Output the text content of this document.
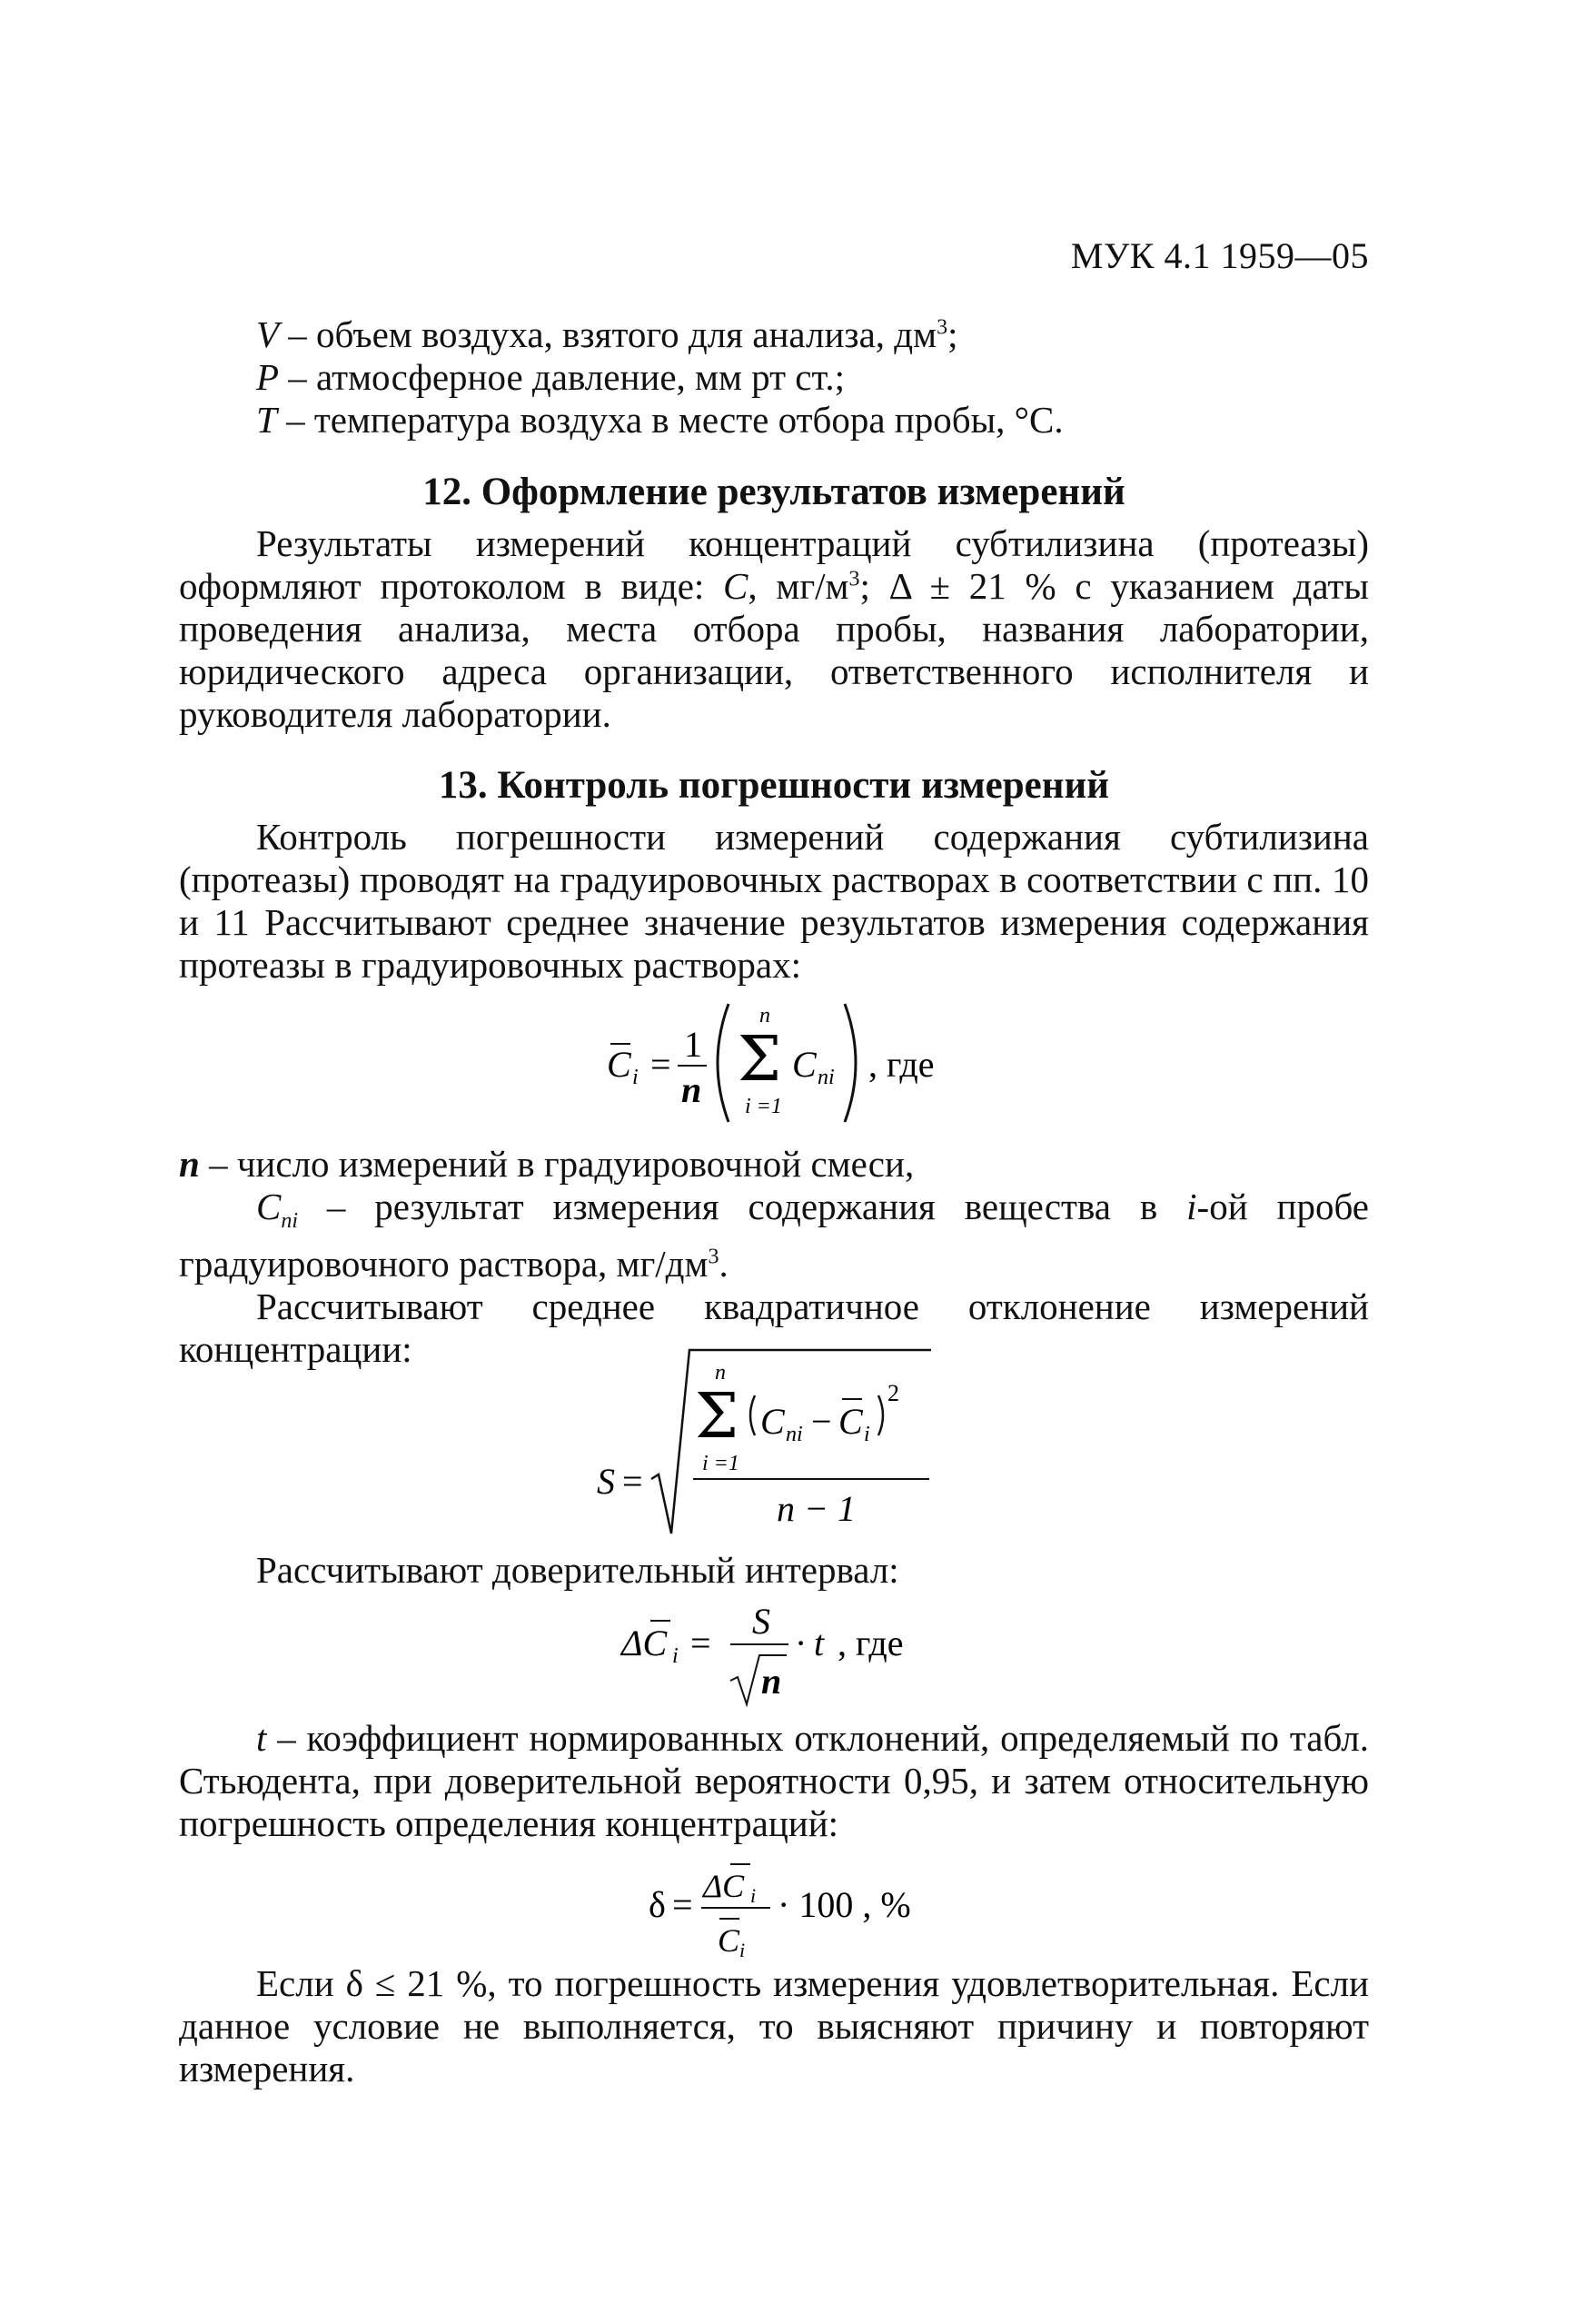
МУК 4.1 1959—05

V – объем воздуха, взятого для анализа, $дм^3$;

P – атмосферное давление, мм рт ст.;

T – температура воздуха в месте отбора пробы, °С.

12. Оформление результатов измерений

Результаты измерений концентраций субтилизина (протеазы) оформляют протоколом в виде: С, $мг/м^3$; Δ ± 21 % с указанием даты проведения анализа, места отбора пробы, названия лаборатории, юридического адреса организации, ответственного исполнителя и руководителя лаборатории.

13. Контроль погрешности измерений

Контроль погрешности измерений содержания субтилизина (протеазы) проводят на градуировочных растворах в соответствии с пп. 10 и 11 Рассчитывают среднее значение результатов измерения содержания протеазы в градуировочных растворах:

C i = 1
n
n
Σ
i =1
C ni , где

n – число измерений в градуировочной смеси,

$C_{ni}$ – результат измерения содержания вещества в i-ой пробе градуировочного раствора, $мг/дм^3$.

Рассчитывают среднее квадратичное отклонение измерений концентрации:

S =
n
Σ
i =1
C ni − C i
2
n − 1

Рассчитывают доверительный интервал:

ΔC i =
S
n
· t , где

t – коэффициент нормированных отклонений, определяемый по табл. Стьюдента, при доверительной вероятности 0,95, и затем относительную погрешность определения концентраций:

δ = ΔC i
C i
· 100 , %

Если δ ≤ 21 %, то погрешность измерения удовлетворительная. Если данное условие не выполняется, то выясняют причину и повторяют измерения.
